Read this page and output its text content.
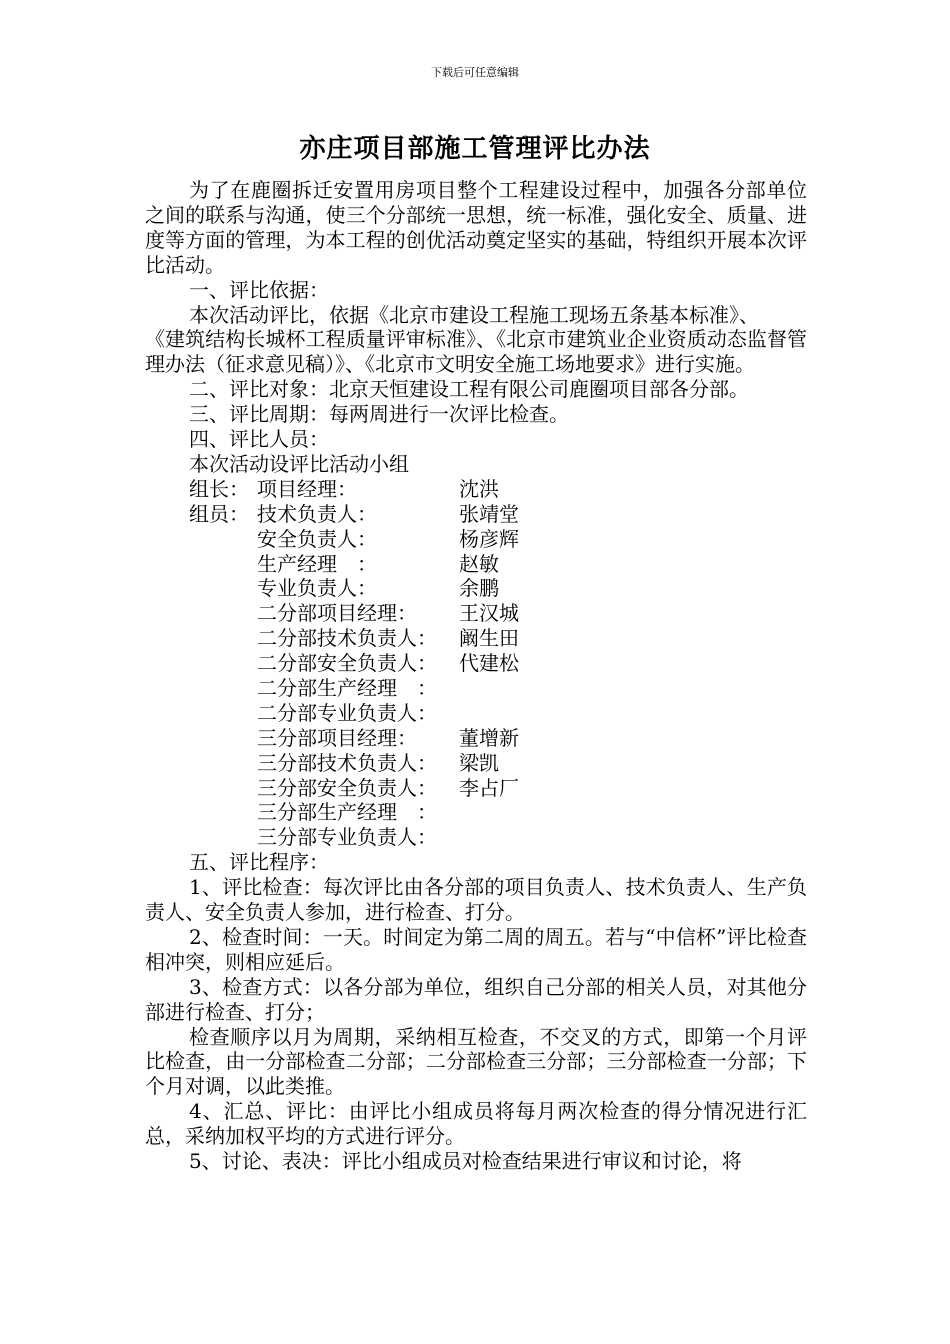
下载后可任意编辑
亦庄项目部施工管理评比办法

为了在鹿圈拆迁安置用房项目整个工程建设过程中，加强各分部单位之间的联系与沟通，使三个分部统一思想，统一标准，强化安全、质量、进度等方面的管理，为本工程的创优活动奠定坚实的基础，特组织开展本次评比活动。

一、评比依据：

本次活动评比，依据《北京市建设工程施工现场五条基本标准》、

《建筑结构长城杯工程质量评审标准》、《北京市建筑业企业资质动态监督管理办法（征求意见稿）》、《北京市文明安全施工场地要求》进行实施。

二、评比对象：北京天恒建设工程有限公司鹿圈项目部各分部。

三、评比周期：每两周进行一次评比检查。

四、评比人员：

本次活动设评比活动小组

组长： 项目经理：	沈洪
组员： 技术负责人：	张靖堂
安全负责人：	杨彦辉
生产经理　：	赵敏
专业负责人：	余鹏
二分部项目经理：	王汉城
二分部技术负责人：	阚生田
二分部安全负责人：	代建松
二分部生产经理　：
二分部专业负责人：
三分部项目经理：	董增新
三分部技术负责人：	梁凯
三分部安全负责人：	李占厂
三分部生产经理　：
三分部专业负责人：

五、评比程序：

1、评比检查：每次评比由各分部的项目负责人、技术负责人、生产负责人、安全负责人参加，进行检查、打分。

2、检查时间：一天。时间定为第二周的周五。若与“中信杯”评比检查相冲突，则相应延后。

3、检查方式：以各分部为单位，组织自己分部的相关人员，对其他分部进行检查、打分；

检查顺序以月为周期，采纳相互检查，不交叉的方式，即第一个月评比检查，由一分部检查二分部；二分部检查三分部；三分部检查一分部；下个月对调，以此类推。

4、汇总、评比：由评比小组成员将每月两次检查的得分情况进行汇总，采纳加权平均的方式进行评分。

5、讨论、表决：评比小组成员对检查结果进行审议和讨论，将
